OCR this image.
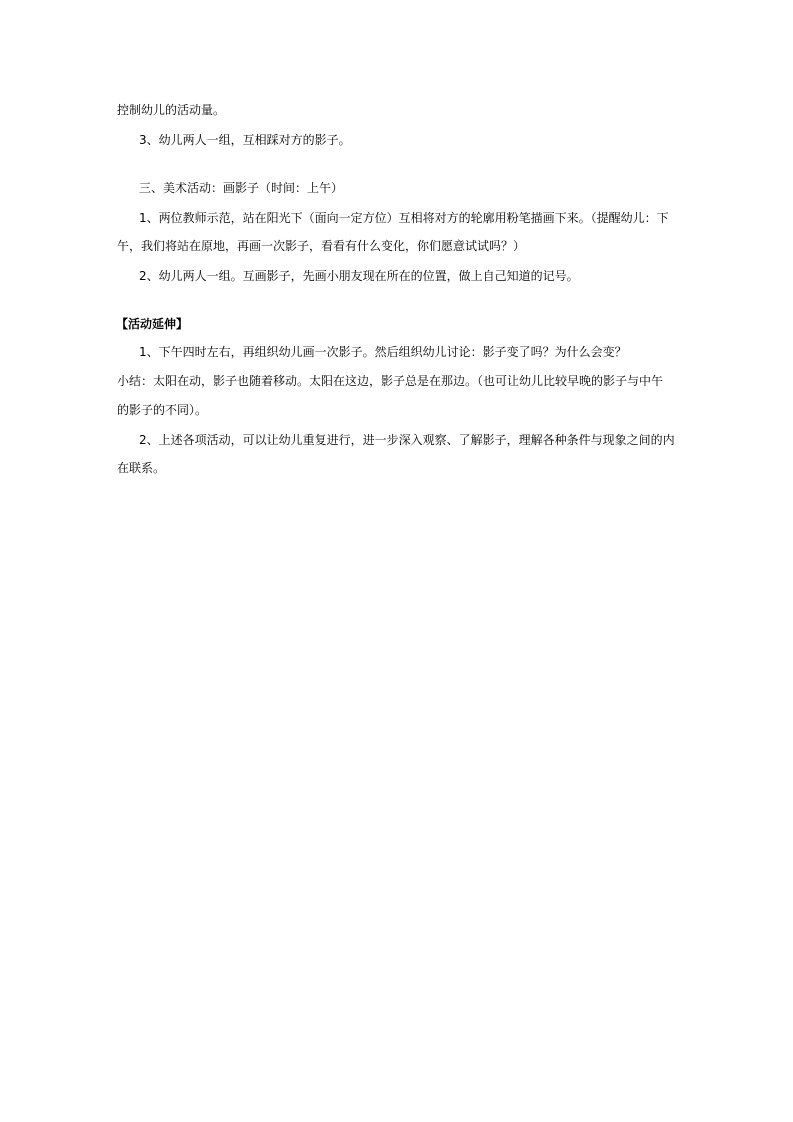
控制幼儿的活动量。
3、幼儿两人一组，互相踩对方的影子。
三、美术活动：画影子（时间：上午）
1、两位教师示范，站在阳光下（面向一定方位）互相将对方的轮廓用粉笔描画下来。（提醒幼儿：下
午，我们将站在原地，再画一次影子，看看有什么变化，你们愿意试试吗？）
2、幼儿两人一组。互画影子，先画小朋友现在所在的位置，做上自己知道的记号。
【活动延伸】
1、下午四时左右，再组织幼儿画一次影子。然后组织幼儿讨论：影子变了吗？为什么会变？
小结：太阳在动，影子也随着移动。太阳在这边，影子总是在那边。（也可让幼儿比较早晚的影子与中午
的影子的不同）。
2、上述各项活动，可以让幼儿重复进行，进一步深入观察、了解影子，理解各种条件与现象之间的内
在联系。
